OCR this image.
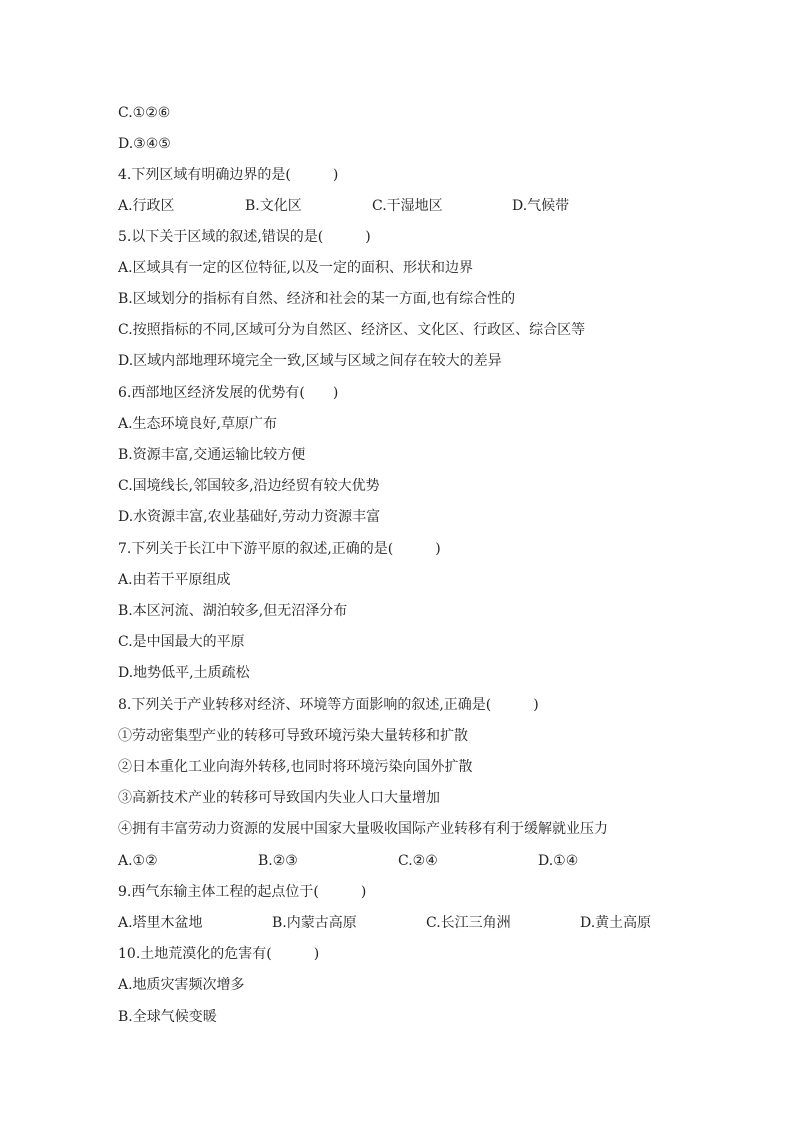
C.①②⑥
D.③④⑤
4.下列区域有明确边界的是(　　　)
A.行政区	B.文化区	C.干湿地区	D.气候带
5.以下关于区域的叙述,错误的是(　　　)
A.区域具有一定的区位特征,以及一定的面积、形状和边界
B.区域划分的指标有自然、经济和社会的某一方面,也有综合性的
C.按照指标的不同,区域可分为自然区、经济区、文化区、行政区、综合区等
D.区域内部地理环境完全一致,区域与区域之间存在较大的差异
6.西部地区经济发展的优势有(　　)
A.生态环境良好,草原广布
B.资源丰富,交通运输比较方便
C.国境线长,邻国较多,沿边经贸有较大优势
D.水资源丰富,农业基础好,劳动力资源丰富
7.下列关于长江中下游平原的叙述,正确的是(　　　)
A.由若干平原组成
B.本区河流、湖泊较多,但无沼泽分布
C.是中国最大的平原
D.地势低平,土质疏松
8.下列关于产业转移对经济、环境等方面影响的叙述,正确是(　　　)
①劳动密集型产业的转移可导致环境污染大量转移和扩散
②日本重化工业向海外转移,也同时将环境污染向国外扩散
③高新技术产业的转移可导致国内失业人口大量增加
④拥有丰富劳动力资源的发展中国家大量吸收国际产业转移有利于缓解就业压力
A.①②	B.②③	C.②④	D.①④
9.西气东输主体工程的起点位于(　　　)
A.塔里木盆地	B.内蒙古高原	C.长江三角洲	D.黄土高原
10.土地荒漠化的危害有(　　　)
A.地质灾害频次增多
B.全球气候变暖
